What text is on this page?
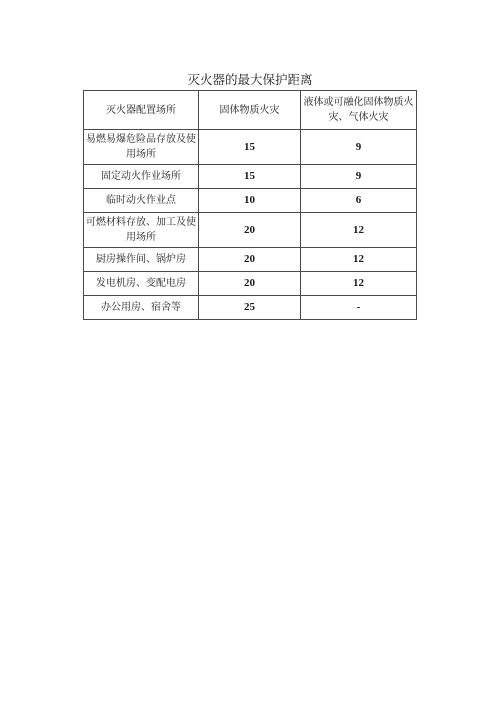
灭火器的最大保护距离
灭火器配置场所	固体物质火灾	液体或可融化固体物质火灾、气体火灾
易燃易爆危险品存放及使用场所	15	9
固定动火作业场所	15	9
临时动火作业点	10	6
可燃材料存放、加工及使用场所	20	12
厨房操作间、锅炉房	20	12
发电机房、变配电房	20	12
办公用房、宿舍等	25	-
